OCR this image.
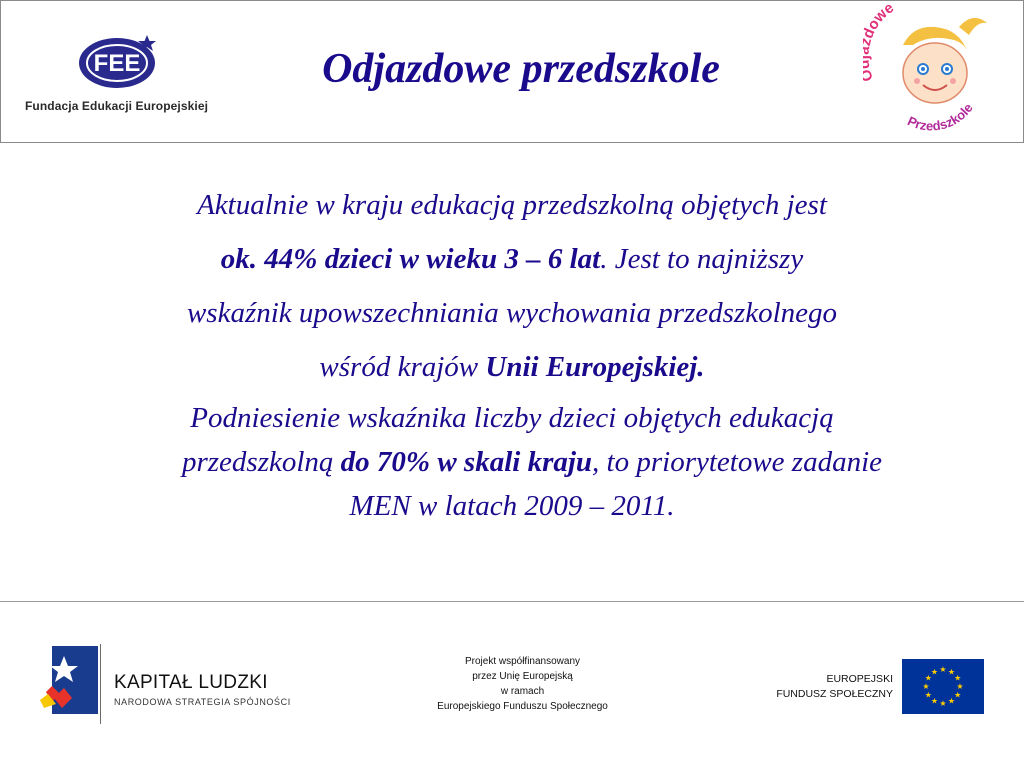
FEE
Fundacja Edukacji Europejskiej
Odjazdowe przedszkole
owe
Przedszkole

Aktualnie w kraju edukacją przedszkolną objętych jest
ok. 44% dzieci w wieku 3 – 6 lat. Jest to najniższy
wskaźnik upowszechniania wychowania przedszkolnego
wśród krajów Unii Europejskiej.

Podniesienie wskaźnika liczby dzieci objętych edukacją
przedszkolną do 70% w skali kraju, to priorytetowe zadanie
MEN w latach 2009 – 2011.

KAPITAŁ LUDZKI
NARODOWA STRATEGIA SPÓJNOŚCI
Projekt współfinansowany
przez Unię Europejską
w ramach
Europejskiego Funduszu Społecznego
EUROPEJSKI
FUNDUSZ SPOŁECZNY
★
★
★
★
★
★
★
★
★ ★ ★
★
